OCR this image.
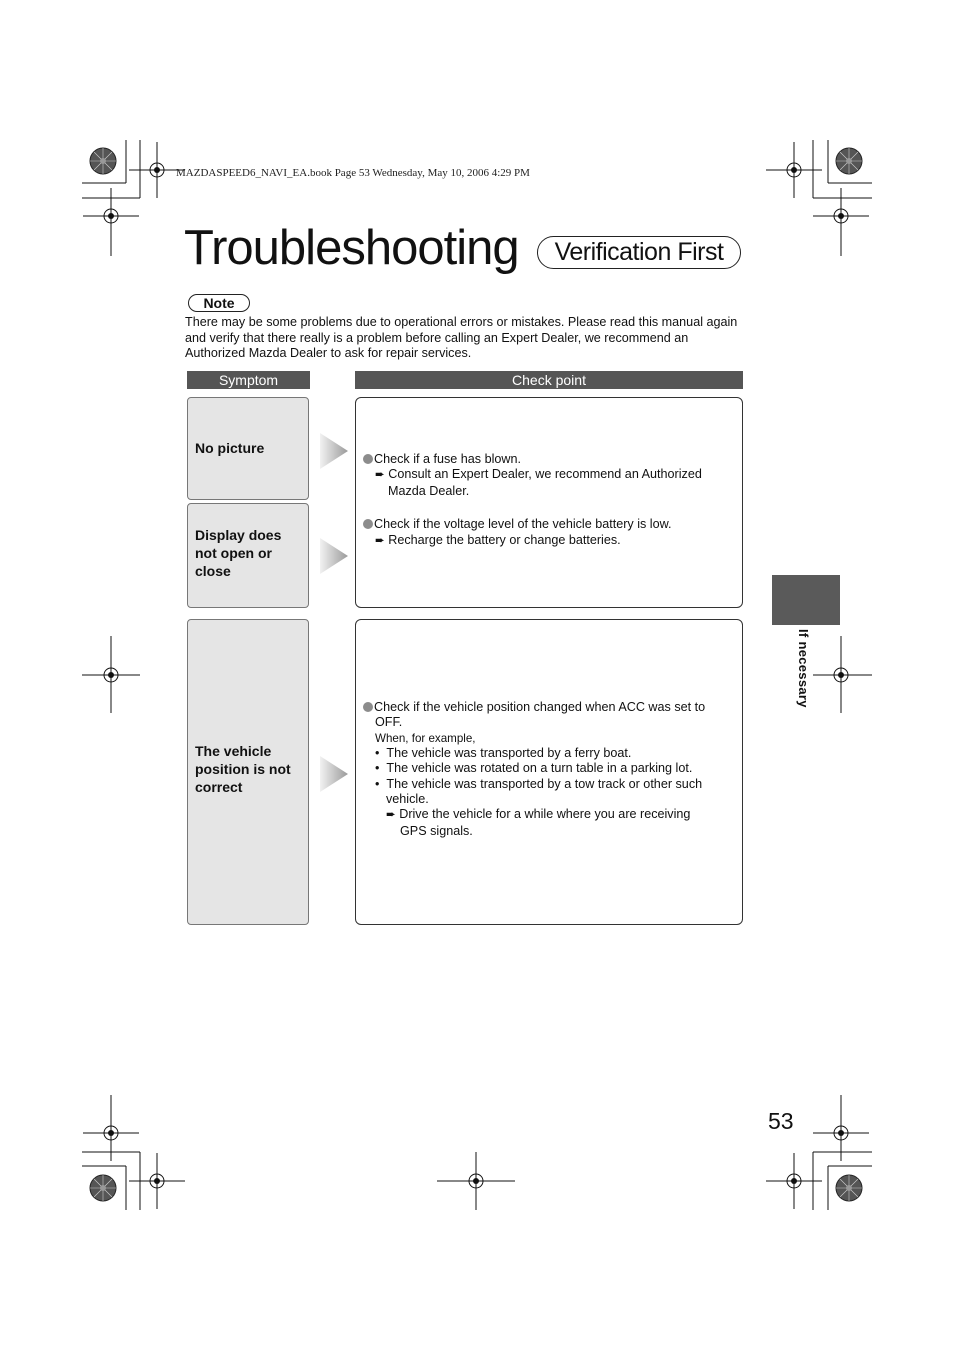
MAZDASPEED6_NAVI_EA.book Page 53 Wednesday, May 10, 2006 4:29 PM
Troubleshooting	Verification First
Note
There may be some problems due to operational errors or mistakes. Please read this manual again and verify that there really is a problem before calling an Expert Dealer, we recommend an Authorized Mazda Dealer to ask for repair services.
Symptom	Check point
No picture
Display does
not open or
close
The vehicle
position is not
correct
Check if a fuse has blown.
➨ Consult an Expert Dealer, we recommend an Authorized
Mazda Dealer.
Check if the voltage level of the vehicle battery is low.
➨ Recharge the battery or change batteries.
Check if the vehicle position changed when ACC was set to
OFF.
When, for example,
•  The vehicle was transported by a ferry boat.
•  The vehicle was rotated on a turn table in a parking lot.
•  The vehicle was transported by a tow track or other such
vehicle.
➨ Drive the vehicle for a while where you are receiving
GPS signals.
If necessary
53
